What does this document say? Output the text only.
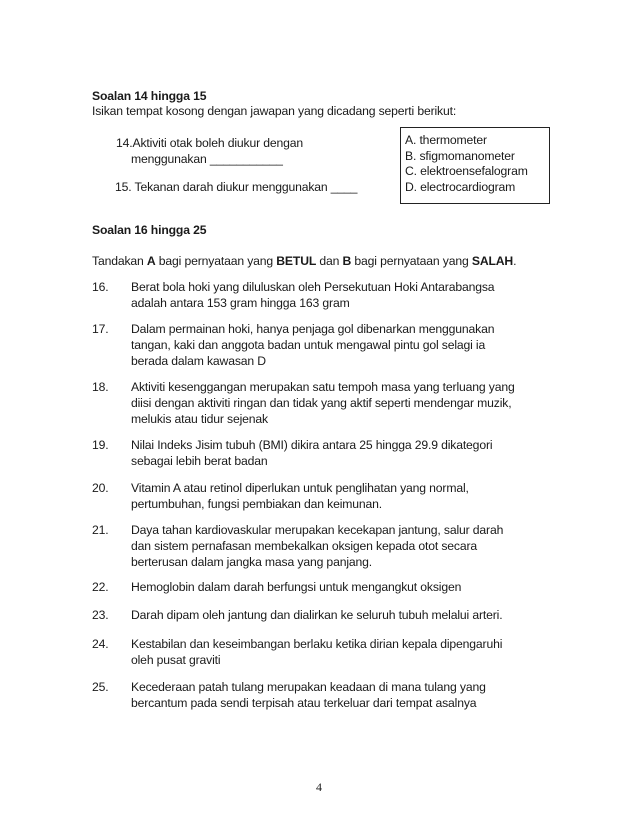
Soalan 14 hingga 15
Isikan tempat kosong dengan jawapan yang dicadang seperti berikut:
14.Aktiviti otak boleh diukur dengan
menggunakan ___________
15. Tekanan darah diukur menggunakan ____
A. thermometer
B. sfigmomanometer
C. elektroensefalogram
D. electrocardiogram
Soalan 16 hingga 25
Tandakan A bagi pernyataan yang BETUL dan B bagi pernyataan yang SALAH.
16. Berat bola hoki yang diluluskan oleh Persekutuan Hoki Antarabangsa
adalah antara 153 gram hingga 163 gram
17. Dalam permainan hoki, hanya penjaga gol dibenarkan menggunakan
tangan, kaki dan anggota badan untuk mengawal pintu gol selagi ia
berada dalam kawasan D
18. Aktiviti kesenggangan merupakan satu tempoh masa yang terluang yang
diisi dengan aktiviti ringan dan tidak yang aktif seperti mendengar muzik,
melukis atau tidur sejenak
19. Nilai Indeks Jisim tubuh (BMI) dikira antara 25 hingga 29.9 dikategori
sebagai lebih berat badan
20. Vitamin A atau retinol diperlukan untuk penglihatan yang normal,
pertumbuhan, fungsi pembiakan dan keimunan.
21. Daya tahan kardiovaskular merupakan kecekapan jantung, salur darah
dan sistem pernafasan membekalkan oksigen kepada otot secara
berterusan dalam jangka masa yang panjang.
22. Hemoglobin dalam darah berfungsi untuk mengangkut oksigen
23. Darah dipam oleh jantung dan dialirkan ke seluruh tubuh melalui arteri.
24. Kestabilan dan keseimbangan berlaku ketika dirian kepala dipengaruhi
oleh pusat graviti
25. Kecederaan patah tulang merupakan keadaan di mana tulang yang
bercantum pada sendi terpisah atau terkeluar dari tempat asalnya
4
